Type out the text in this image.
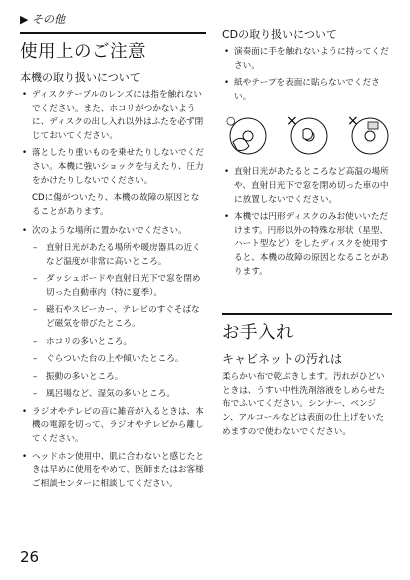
▶ その他
使用上のご注意
本機の取り扱いについて
• ディスクテーブルのレンズには指を触れないでください。また、ホコリがつかないように、ディスクの出し入れ以外はふたを必ず閉じておいてください。
• 落としたり重いものを乗せたりしないでください。本機に強いショックを与えたり、圧力をかけたりしないでください。

CDに傷がついたり、本機の故障の原因となることがあります。

• 次のような場所に置かないでください。
– 直射日光があたる場所や暖房器具の近くなど温度が非常に高いところ。
– ダッシュボードや直射日光下で窓を閉め切った自動車内（特に夏季）。
– 磁石やスピーカー、テレビのすぐそばなど磁気を帯びたところ。
– ホコリの多いところ。
– ぐらついた台の上や傾いたところ。
– 振動の多いところ。
– 風呂場など、湿気の多いところ。
• ラジオやテレビの音に雑音が入るときは、本機の電源を切って、ラジオやテレビから離してください。
• ヘッドホン使用中、肌に合わないと感じたときは早めに使用をやめて、医師またはお客様ご相談センターに相談してください。
CDの取り扱いについて
• 演奏面に手を触れないように持ってください。
• 紙やテープを表面に貼らないでください。
○	×	×
• 直射日光があたるところなど高温の場所や、直射日光下で窓を閉め切った車の中に放置しないでください。
• 本機では円形ディスクのみお使いいただけます。円形以外の特殊な形状（星型、ハート型など）をしたディスクを使用すると、本機の故障の原因となることがあります。
お手入れ
キャビネットの汚れは

柔らかい布で乾ぶきします。汚れがひどいときは、うすい中性洗剤溶液をしめらせた布でふいてください。シンナー、ベンジン、アルコールなどは表面の仕上げをいためますので使わないでください。

26
